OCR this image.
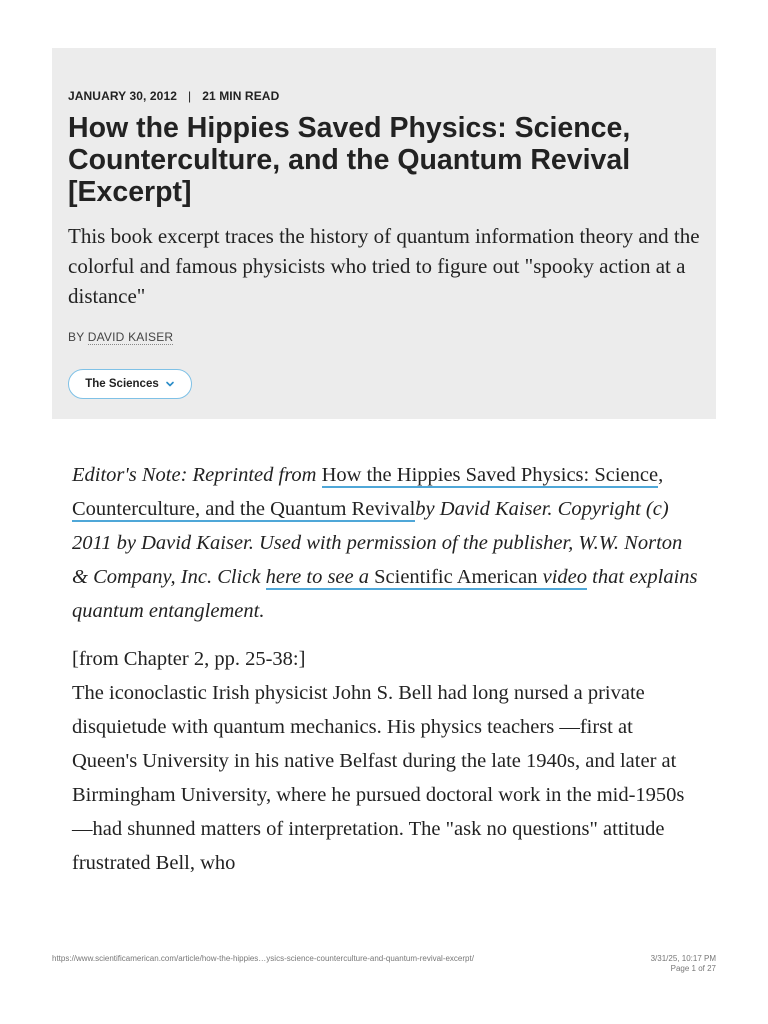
JANUARY 30, 2012 | 21 MIN READ
How the Hippies Saved Physics: Science, Counterculture, and the Quantum Revival [Excerpt]

This book excerpt traces the history of quantum information theory and the colorful and famous physicists who tried to figure out "spooky action at a distance"

BY DAVID KAISER
The Sciences

Editor's Note: Reprinted from How the Hippies Saved Physics: Science, Counterculture, and the Quantum Revivalby David Kaiser. Copyright (c) 2011 by David Kaiser. Used with permission of the publisher, W.W. Norton & Company, Inc. Click here to see a Scientific American video that explains quantum entanglement.

[from Chapter 2, pp. 25-38:]

The iconoclastic Irish physicist John S. Bell had long nursed a private disquietude with quantum mechanics. His physics teachers —first at Queen's University in his native Belfast during the late 1940s, and later at Birmingham University, where he pursued doctoral work in the mid-1950s—had shunned matters of interpretation. The "ask no questions" attitude frustrated Bell, who

https://www.scientificamerican.com/article/how-the-hippies…ysics-science-counterculture-and-quantum-revival-excerpt/	3/31/25, 10:17 PM
Page 1 of 27
